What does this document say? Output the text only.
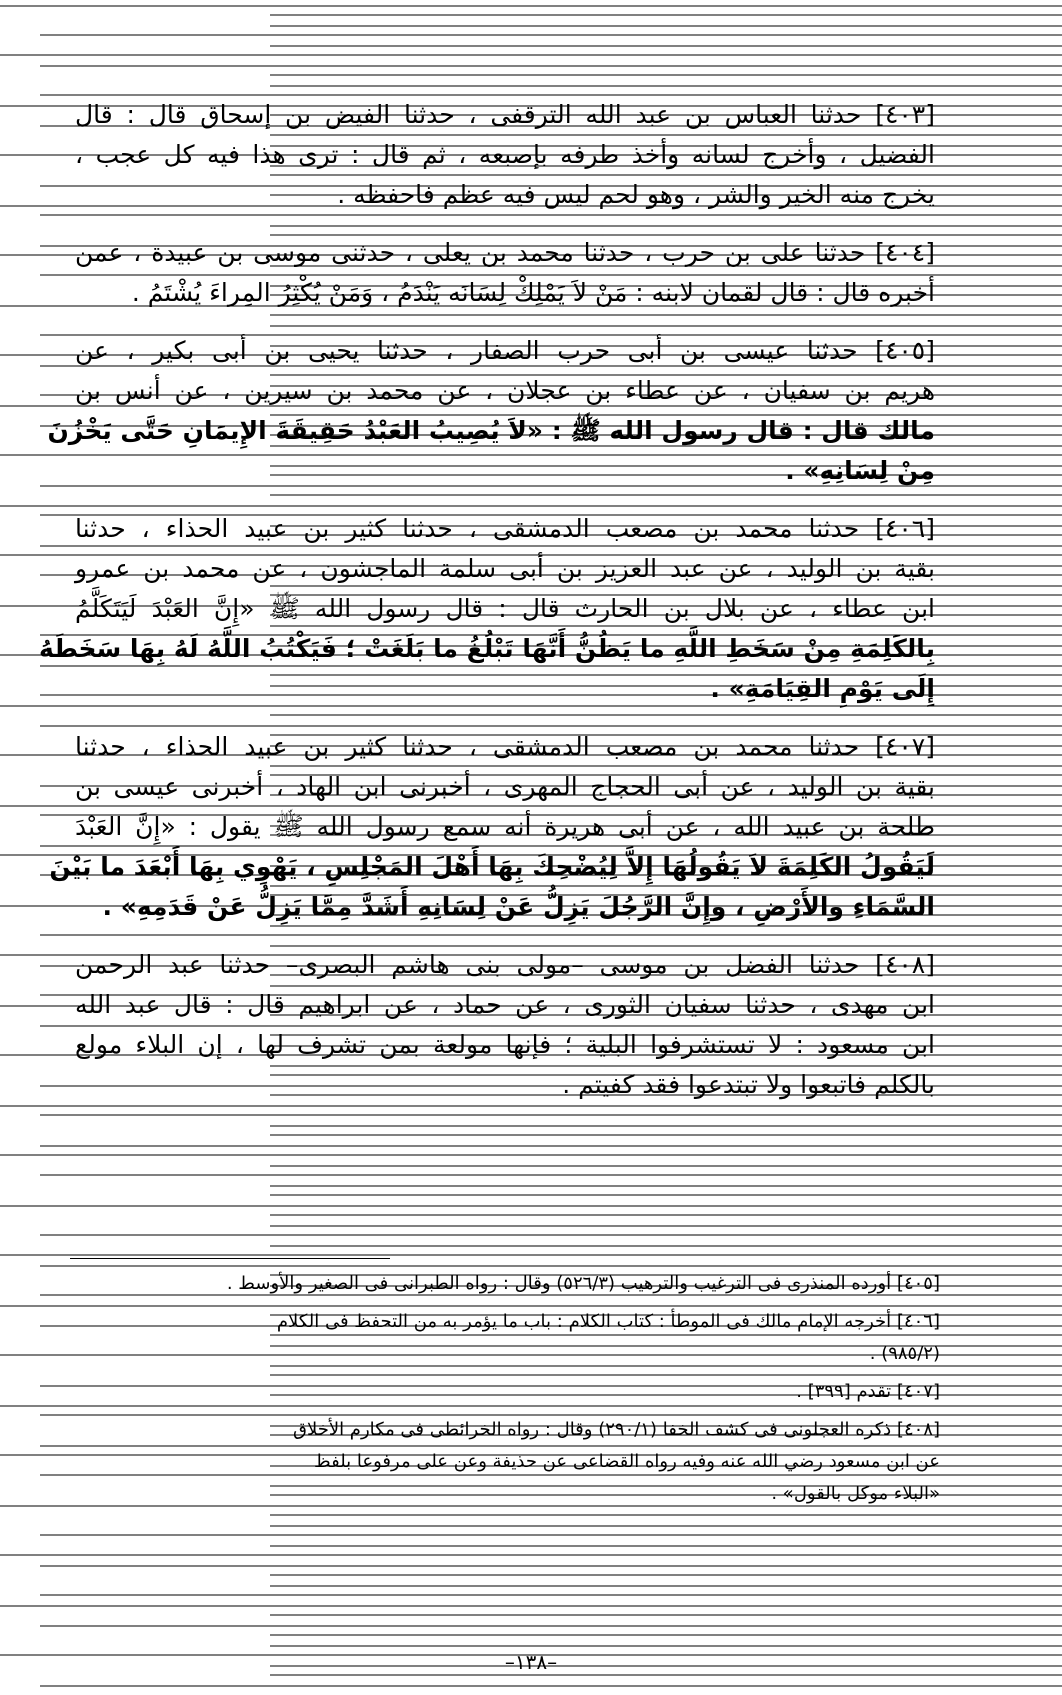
[٤٠٣] حدثنا العباس بن عبد الله الترقفى ، حدثنا الفيض بن إسحاق قال : قال
الفضيل ، وأخرج لسانه وأخذ طرفه بإصبعه ، ثم قال : ترى هذا فيه كل عجب ،
يخرج منه الخير والشر ، وهو لحم ليس فيه عظم فاحفظه .
[٤٠٤] حدثنا على بن حرب ، حدثنا محمد بن يعلى ، حدثنى موسى بن عبيدة ، عمن
أخبره قال : قال لقمان لابنه : مَنْ لاَ يَمْلِكْ لِسَانَه يَنْدَمُ ، وَمَنْ يُكْثِرُ المِراءَ يُشْتَمُ .
[٤٠٥] حدثنا عيسى بن أبى حرب الصفار ، حدثنا يحيى بن أبى بكير ، عن
هريم بن سفيان ، عن عطاء بن عجلان ، عن محمد بن سيرين ، عن أنس بن
مالك قال : قال رسول الله ﷺ : «لاَ يُصِيبُ العَبْدُ حَقِيقَةَ الإِيمَانِ حَتَّى يَخْزُنَ
مِنْ لِسَانِهِ» .
[٤٠٦] حدثنا محمد بن مصعب الدمشقى ، حدثنا كثير بن عبيد الحذاء ، حدثنا
بقية بن الوليد ، عن عبد العزيز بن أبى سلمة الماجشون ، عن محمد بن عمرو
ابن عطاء ، عن بلال بن الحارث قال : قال رسول الله ﷺ «إِنَّ العَبْدَ لَيَتَكَلَّمُ
بِالكَلِمَةِ مِنْ سَخَطِ اللَّهِ ما يَظُنُّ أَنَّهَا تَبْلُغُ ما بَلَغَتْ ؛ فَيَكْتُبُ اللَّهُ لَهُ بِهَا سَخَطَهُ
إِلَى يَوْمِ القِيَامَةِ» .
[٤٠٧] حدثنا محمد بن مصعب الدمشقى ، حدثنا كثير بن عبيد الحذاء ، حدثنا
بقية بن الوليد ، عن أبى الحجاج المهرى ، أخبرنى ابن الهاد ، أخبرنى عيسى بن
طلحة بن عبيد الله ، عن أبى هريرة أنه سمع رسول الله ﷺ يقول : «إِنَّ العَبْدَ
لَيَقُولُ الكَلِمَةَ لاَ يَقُولُهَا إِلاَّ لِيُضْحِكَ بِهَا أَهْلَ المَجْلِسِ ، يَهْوِي بِهَا أَبْعَدَ ما بَيْنَ
السَّمَاءِ والأَرْضِ ، وإِنَّ الرَّجُلَ يَزِلُّ عَنْ لِسَانِهِ أَشَدَّ مِمَّا يَزِلُّ عَنْ قَدَمِهِ» .
[٤٠٨] حدثنا الفضل بن موسى –مولى بنى هاشم البصرى– حدثنا عبد الرحمن
ابن مهدى ، حدثنا سفيان الثورى ، عن حماد ، عن ابراهيم قال : قال عبد الله
ابن مسعود : لا تستشرفوا البلية ؛ فإنها مولعة بمن تشرف لها ، إن البلاء مولع
بالكلم فاتبعوا ولا تبتدعوا فقد كفيتم .
[٤٠٥] أورده المنذرى فى الترغيب والترهيب (٥٢٦/٣) وقال : رواه الطبرانى فى الصغير والأوسط .
[٤٠٦] أخرجه الإمام مالك فى الموطأ : كتاب الكلام : باب ما يؤمر به من التحفظ فى الكلام
(٩٨٥/٢) .
[٤٠٧] تقدم [٣٩٩] .
[٤٠٨] ذكره العجلونى فى كشف الخفا (٢٩٠/١) وقال : رواه الخرائطى فى مكارم الأخلاق
عن ابن مسعود رضي الله عنه وفيه رواه القضاعى عن حذيفة وعن على مرفوعا بلفظ
«البلاء موكل بالقول» .
–١٣٨–
